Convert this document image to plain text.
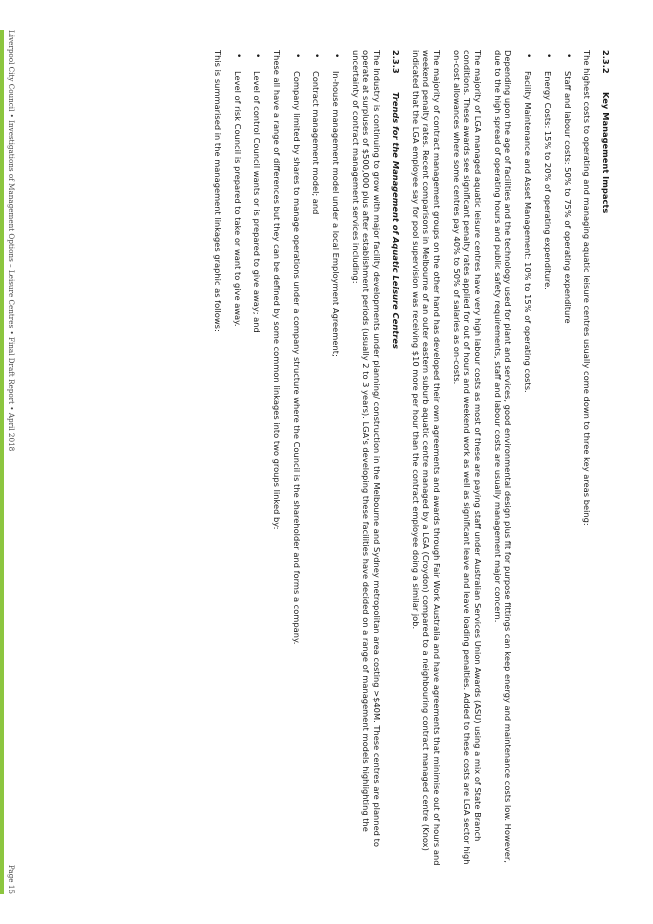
2.3.2
Key Management Impacts

The highest costs to operating and managing aquatic leisure centres usually come down to three key areas being:

•
Staff and labour costs: 50% to 75% of operating expenditure
•
Energy Costs: 15% to 20% of operating expenditure.
•
Facility Maintenance and Asset Management: 10% to 15% of operating costs.

Depending upon the age of facilities and the technology used for plant and services, good environmental design plus fit for purpose fittings can keep energy and maintenance costs low. However, due to the high spread of operating hours and public safety requirements, staff and labour costs are usually management major concern.

The majority of LGA managed aquatic leisure centres have very high labour costs as most of these are paying staff under Australian Services Union Awards (ASU) using a mix of State Branch conditions. These awards see significant penalty rates applied for out of hours and weekend work as well as significant leave and leave loading penalties. Added to these costs are LGA sector high on-cost allowances where some centres pay 40% to 50% of salaries as on-costs.

The majority of contract management groups on the other hand has developed their own agreements and awards through Fair Work Australia and have agreements that minimise out of hours and weekend penalty rates. Recent comparisons in Melbourne of an outer eastern suburb aquatic centre managed by a LGA (Croydon) compared to a neighbouring contract managed centre (Knox) indicated that the LGA employee say for pool supervision was receiving $10 more per hour than the contract employee doing a similar job.

2.3.3
Trends for the Management of Aquatic Leisure Centres

The Industry is continuing to grow with major facility developments under planning/ construction in the Melbourne and Sydney metropolitan area costing >$40M. These centres are planned to operate at surpluses of $500,000 plus after establishment periods (usually 2 to 3 years). LGA's developing these facilities have decided on a range of management models highlighting the uncertainty of contract management services including:

•
In-house management model under a local Employment Agreement;
•
Contract management model; and
•
Company limited by shares to manage operations under a company structure where the Council is the shareholder and forms a company.

These all have a range of differences but they can be defined by some common linkages into two groups linked by:

•
Level of control Council wants or is prepared to give away; and
•
Level of risk Council is prepared to take or want to give away.

This is summarised in the management linkages graphic as follows:

Liverpool City Council • Investigations of Management Options – Leisure Centres • Final Draft Report • April 2018
Page 15
